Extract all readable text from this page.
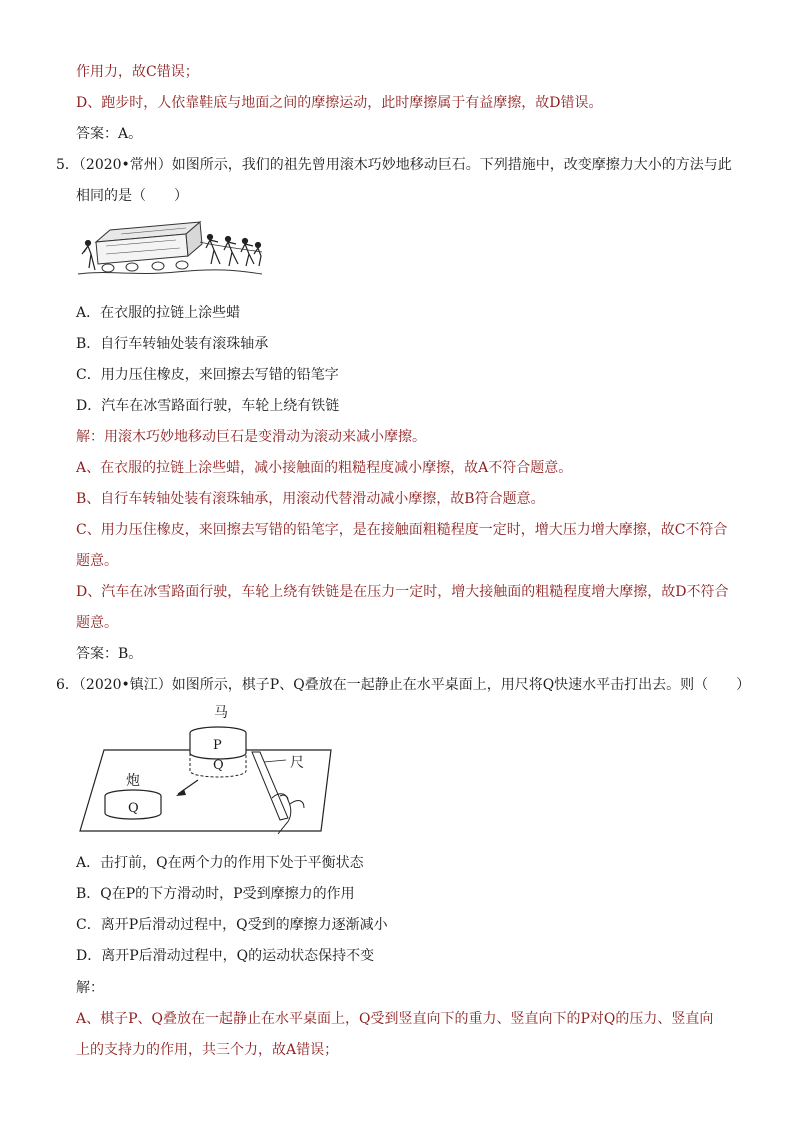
作用力，故C错误；
D、跑步时，人依靠鞋底与地面之间的摩擦运动，此时摩擦属于有益摩擦，故D错误。
答案：A。
5．（2020•常州）如图所示，我们的祖先曾用滚木巧妙地移动巨石。下列措施中，改变摩擦力大小的方法与此
相同的是（　　）
A．在衣服的拉链上涂些蜡
B．自行车转轴处装有滚珠轴承
C．用力压住橡皮，来回擦去写错的铅笔字
D．汽车在冰雪路面行驶，车轮上绕有铁链
解：用滚木巧妙地移动巨石是变滑动为滚动来减小摩擦。
A、在衣服的拉链上涂些蜡，减小接触面的粗糙程度减小摩擦，故A不符合题意。
B、自行车转轴处装有滚珠轴承，用滚动代替滑动减小摩擦，故B符合题意。
C、用力压住橡皮，来回擦去写错的铅笔字，是在接触面粗糙程度一定时，增大压力增大摩擦，故C不符合
题意。
D、汽车在冰雪路面行驶，车轮上绕有铁链是在压力一定时，增大接触面的粗糙程度增大摩擦，故D不符合
题意。
答案：B。
6．（2020•镇江）如图所示，棋子P、Q叠放在一起静止在水平桌面上，用尺将Q快速水平击打出去。则（　　）
马
P
Q
炮
Q
尺
A．击打前，Q在两个力的作用下处于平衡状态
B．Q在P的下方滑动时，P受到摩擦力的作用
C．离开P后滑动过程中，Q受到的摩擦力逐渐减小
D．离开P后滑动过程中，Q的运动状态保持不变
解：
A、棋子P、Q叠放在一起静止在水平桌面上，Q受到竖直向下的重力、竖直向下的P对Q的压力、竖直向
上的支持力的作用，共三个力，故A错误；
